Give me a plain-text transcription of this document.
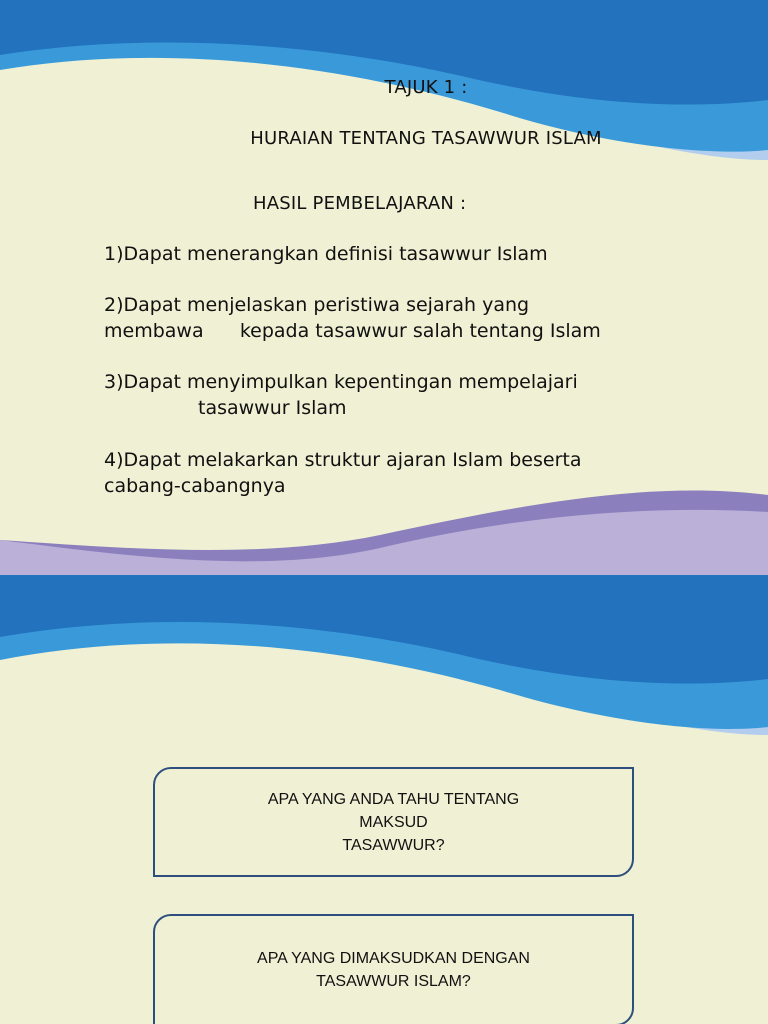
TAJUK 1 :
HURAIAN TENTANG TASAWWUR ISLAM
HASIL PEMBELAJARAN :
1)Dapat menerangkan definisi tasawwur Islam
2)Dapat menjelaskan peristiwa sejarah yang
membawa      kepada tasawwur salah tentang Islam
3)Dapat menyimpulkan kepentingan mempelajari
tasawwur Islam
4)Dapat melakarkan struktur ajaran Islam beserta
cabang-cabangnya
APA YANG ANDA TAHU TENTANG
MAKSUD
TASAWWUR?
APA YANG DIMAKSUDKAN DENGAN
TASAWWUR ISLAM?
